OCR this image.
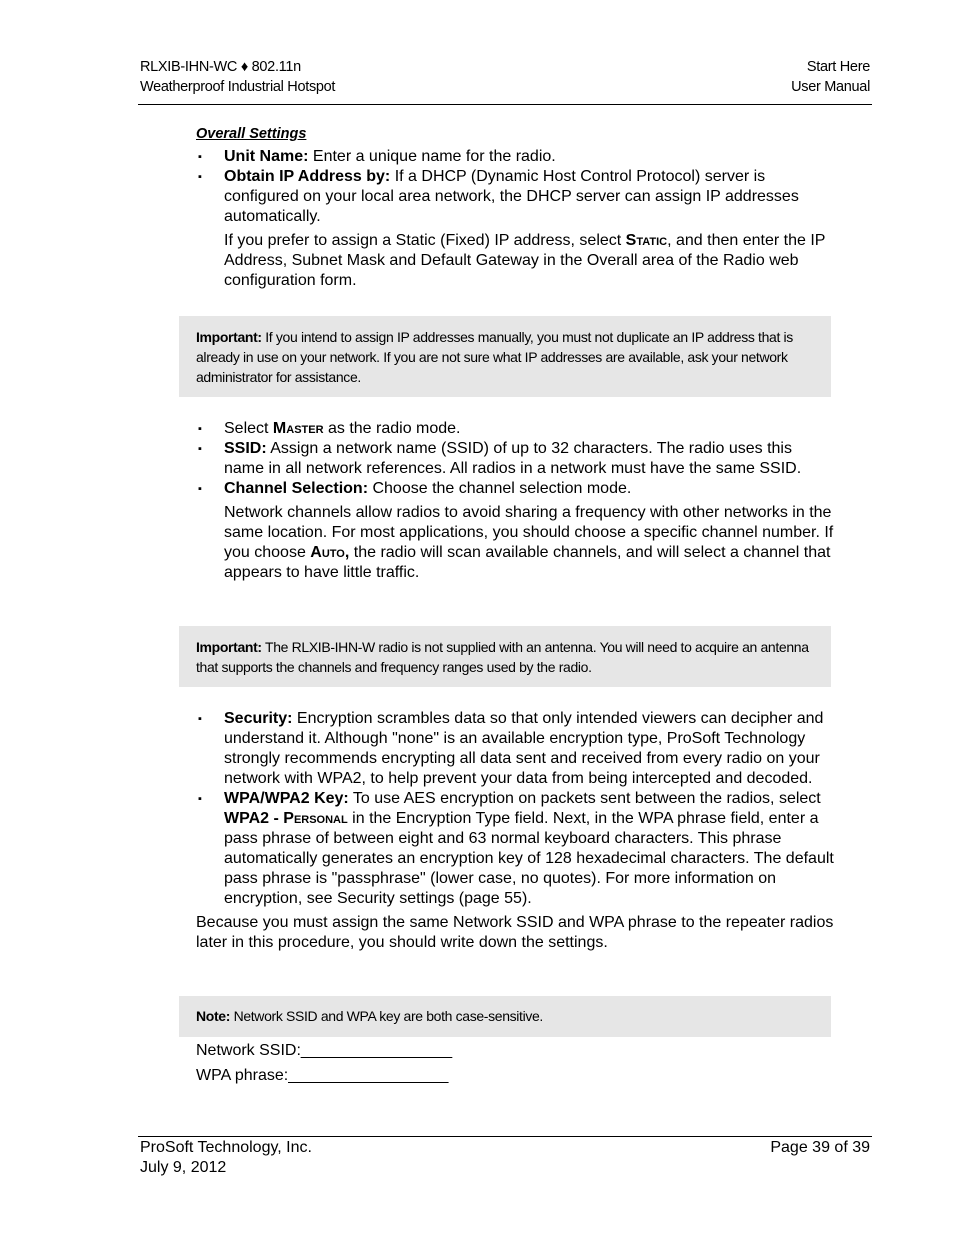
RLXIB-IHN-WC ♦ 802.11n
Weatherproof Industrial Hotspot
Start Here
User Manual
Overall Settings
▪ Unit Name: Enter a unique name for the radio.
▪ Obtain IP Address by: If a DHCP (Dynamic Host Control Protocol) server is configured on your local area network, the DHCP server can assign IP addresses automatically.
If you prefer to assign a Static (Fixed) IP address, select Static, and then enter the IP Address, Subnet Mask and Default Gateway in the Overall area of the Radio web configuration form.
Important: If you intend to assign IP addresses manually, you must not duplicate an IP address that is already in use on your network. If you are not sure what IP addresses are available, ask your network administrator for assistance.
▪ Select Master as the radio mode.
▪ SSID: Assign a network name (SSID) of up to 32 characters. The radio uses this name in all network references. All radios in a network must have the same SSID.
▪ Channel Selection: Choose the channel selection mode.
Network channels allow radios to avoid sharing a frequency with other networks in the same location. For most applications, you should choose a specific channel number. If you choose Auto, the radio will scan available channels, and will select a channel that appears to have little traffic.
Important: The RLXIB-IHN-W radio is not supplied with an antenna. You will need to acquire an antenna that supports the channels and frequency ranges used by the radio.
▪ Security: Encryption scrambles data so that only intended viewers can decipher and understand it. Although "none" is an available encryption type, ProSoft Technology strongly recommends encrypting all data sent and received from every radio on your network with WPA2, to help prevent your data from being intercepted and decoded.
▪ WPA/WPA2 Key: To use AES encryption on packets sent between the radios, select WPA2 - Personal in the Encryption Type field. Next, in the WPA phrase field, enter a pass phrase of between eight and 63 normal keyboard characters. This phrase automatically generates an encryption key of 128 hexadecimal characters. The default pass phrase is "passphrase" (lower case, no quotes). For more information on encryption, see Security settings (page 55).
Because you must assign the same Network SSID and WPA phrase to the repeater radios later in this procedure, you should write down the settings.
Note: Network SSID and WPA key are both case-sensitive.
Network SSID:_________________
WPA phrase:__________________
ProSoft Technology, Inc.
July 9, 2012
Page 39 of 39
